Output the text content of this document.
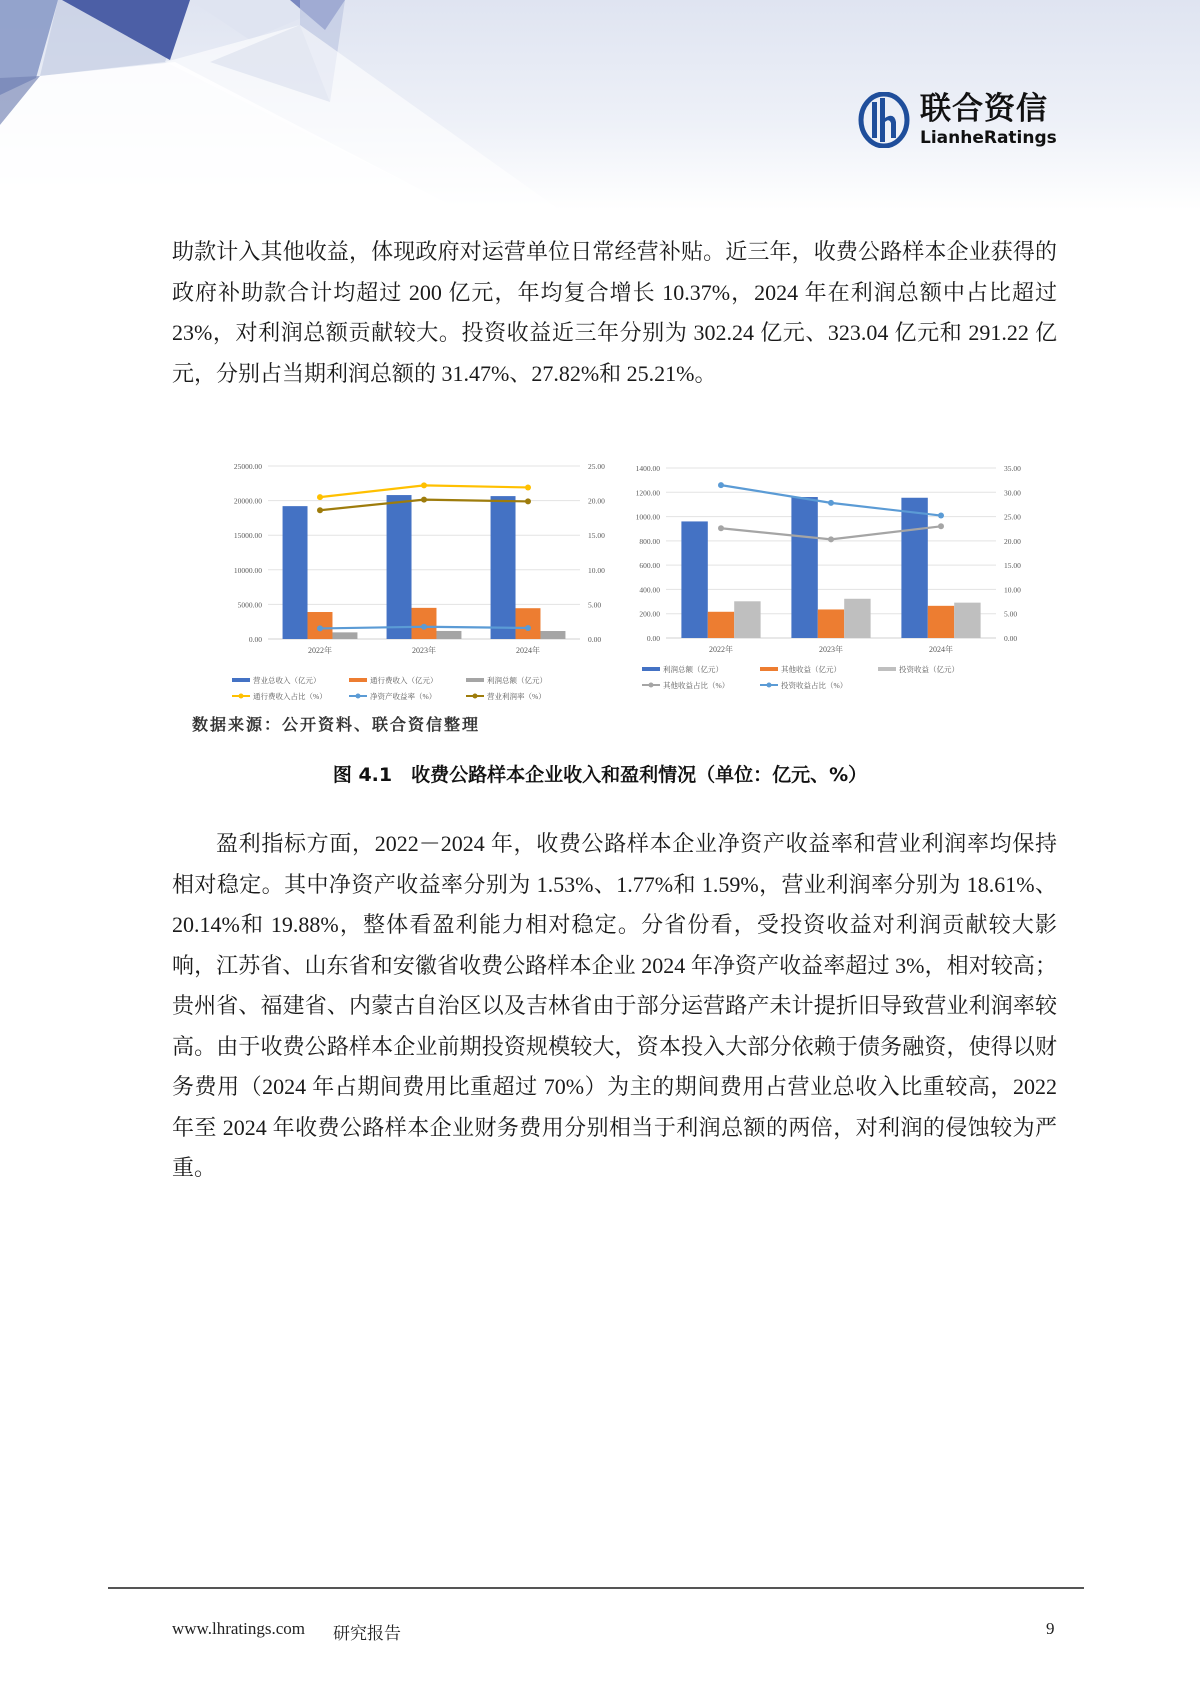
联合资信
LianheRatings

助款计入其他收益，体现政府对运营单位日常经营补贴。近三年，收费公路样本企业获得的政府补助款合计均超过 200 亿元，年均复合增长 10.37%，2024 年在利润总额中占比超过 23%，对利润总额贡献较大。投资收益近三年分别为 302.24 亿元、323.04 亿元和 291.22 亿元，分别占当期利润总额的 31.47%、27.82%和 25.21%。

25000.00	25.00
20000.00	20.00
15000.00	15.00
10000.00	10.00
5000.00	5.00
0.00	0.00
2022年	2023年	2024年
营业总收入（亿元）	通行费收入（亿元）	利润总额（亿元）
通行费收入占比（%）	净资产收益率（%）	营业利润率（%）
1400.00	35.00
1200.00	30.00
1000.00	25.00
800.00	20.00
600.00	15.00
400.00	10.00
200.00	5.00
0.00	0.00
2022年	2023年	2024年
利润总额（亿元）	其他收益（亿元）	投资收益（亿元）
其他收益占比（%）	投资收益占比（%）
数据来源：公开资料、联合资信整理
图 4.1　收费公路样本企业收入和盈利情况（单位：亿元、%）

盈利指标方面，2022－2024 年，收费公路样本企业净资产收益率和营业利润率均保持相对稳定。其中净资产收益率分别为 1.53%、1.77%和 1.59%，营业利润率分别为 18.61%、20.14%和 19.88%，整体看盈利能力相对稳定。分省份看，受投资收益对利润贡献较大影响，江苏省、山东省和安徽省收费公路样本企业 2024 年净资产收益率超过 3%，相对较高；贵州省、福建省、内蒙古自治区以及吉林省由于部分运营路产未计提折旧导致营业利润率较高。由于收费公路样本企业前期投资规模较大，资本投入大部分依赖于债务融资，使得以财务费用（2024 年占期间费用比重超过 70%）为主的期间费用占营业总收入比重较高，2022 年至 2024 年收费公路样本企业财务费用分别相当于利润总额的两倍，对利润的侵蚀较为严重。

www.lhratings.com 研究报告	9
